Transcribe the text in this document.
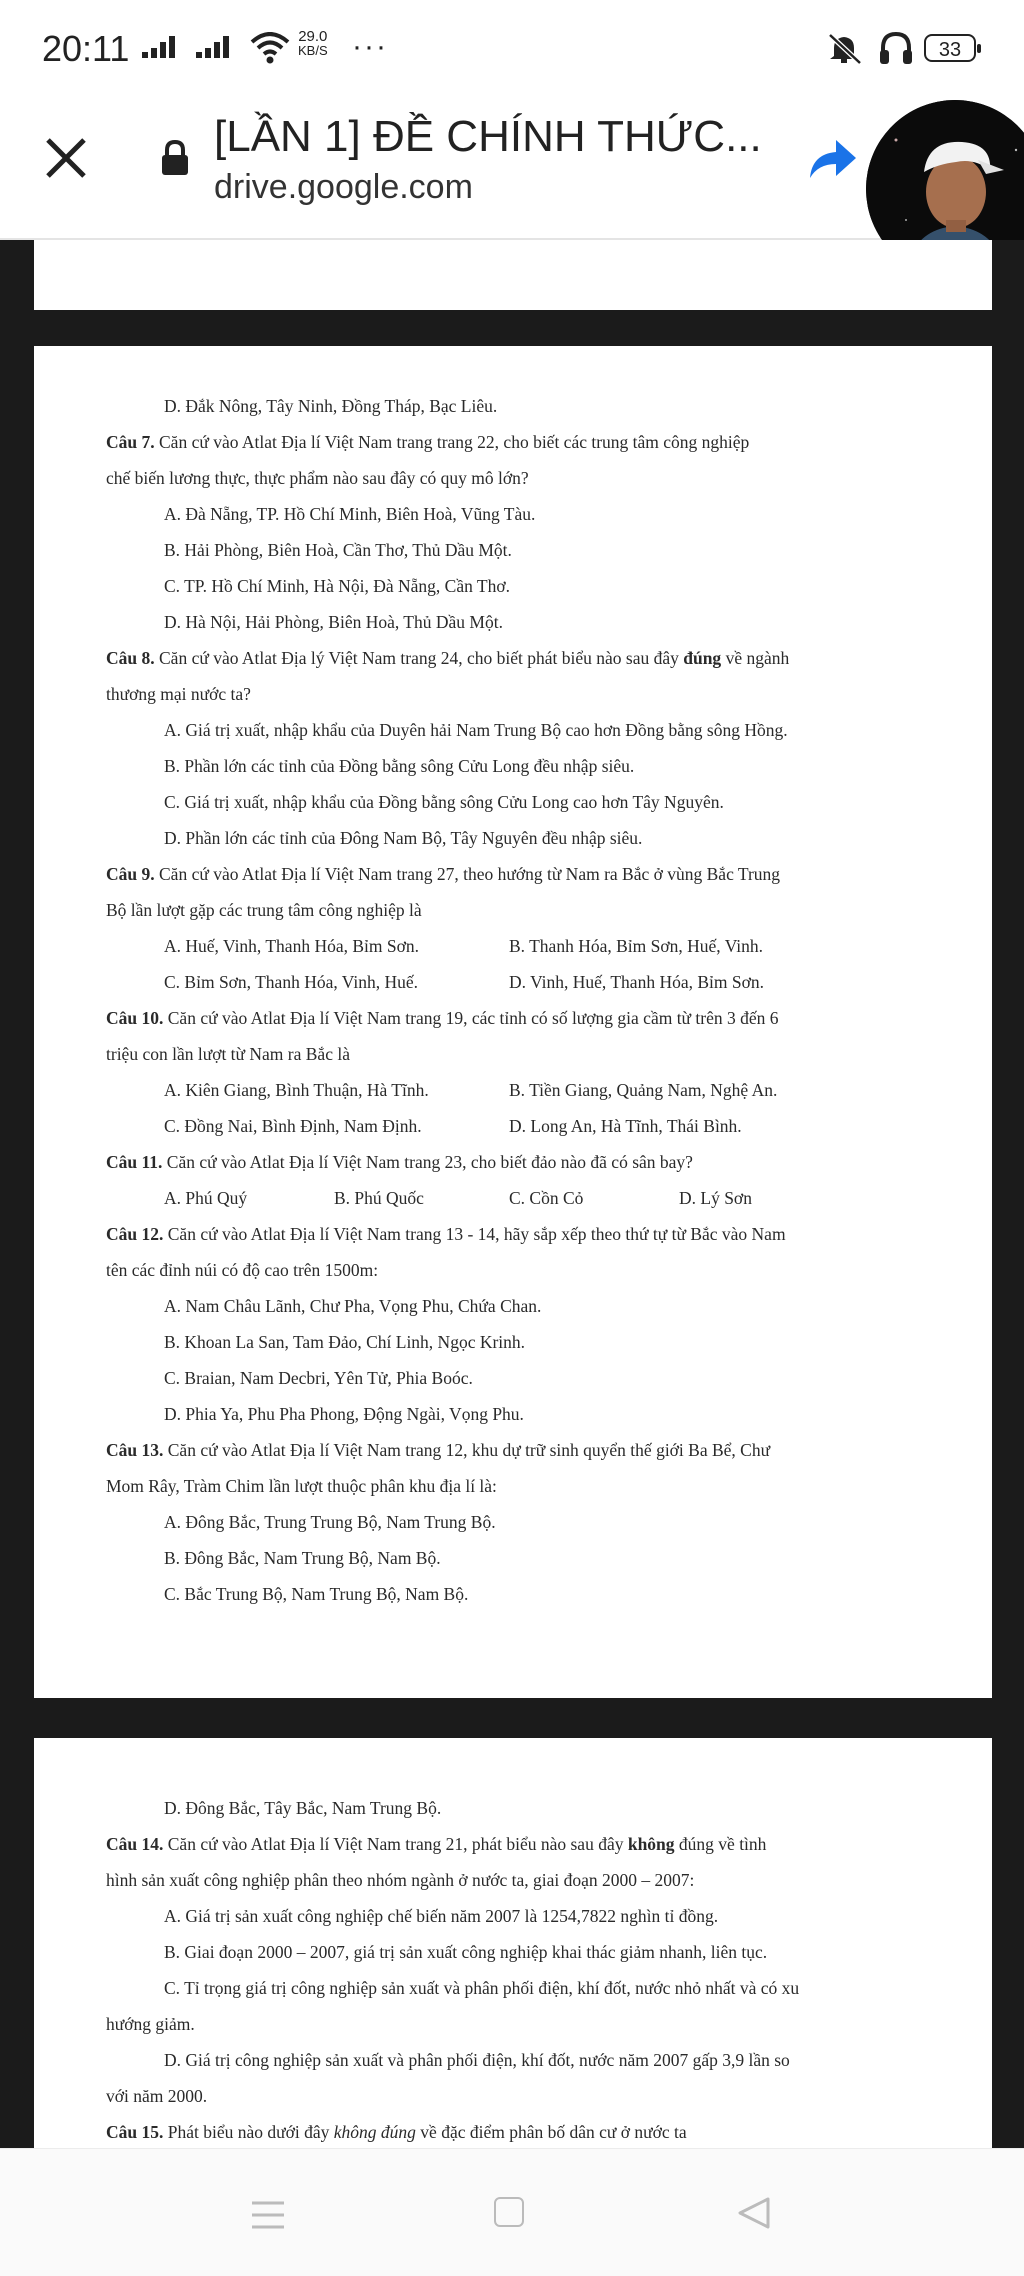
20:11	29.0
KB/S ···	33
[LẦN 1] ĐỀ CHÍNH THỨC...
drive.google.com
D. Đắk Nông, Tây Ninh, Đồng Tháp, Bạc Liêu.
Câu 7. Căn cứ vào Atlat Địa lí Việt Nam trang trang 22, cho biết các trung tâm công nghiệp
chế biến lương thực, thực phẩm nào sau đây có quy mô lớn?
A. Đà Nẵng, TP. Hồ Chí Minh, Biên Hoà, Vũng Tàu.
B. Hải Phòng, Biên Hoà, Cần Thơ, Thủ Dầu Một.
C. TP. Hồ Chí Minh, Hà Nội, Đà Nẵng, Cần Thơ.
D. Hà Nội, Hải Phòng, Biên Hoà, Thủ Dầu Một.
Câu 8. Căn cứ vào Atlat Địa lý Việt Nam trang 24, cho biết phát biểu nào sau đây đúng về ngành
thương mại nước ta?
A. Giá trị xuất, nhập khẩu của Duyên hải Nam Trung Bộ cao hơn Đồng bằng sông Hồng.
B. Phần lớn các tỉnh của Đồng bằng sông Cửu Long đều nhập siêu.
C. Giá trị xuất, nhập khẩu của Đồng bằng sông Cửu Long cao hơn Tây Nguyên.
D. Phần lớn các tỉnh của Đông Nam Bộ, Tây Nguyên đều nhập siêu.
Câu 9. Căn cứ vào Atlat Địa lí Việt Nam trang 27, theo hướng từ Nam ra Bắc ở vùng Bắc Trung
Bộ lần lượt gặp các trung tâm công nghiệp là
A. Huế, Vinh, Thanh Hóa, Bỉm Sơn.	B. Thanh Hóa, Bỉm Sơn, Huế, Vinh.
C. Bỉm Sơn, Thanh Hóa, Vinh, Huế.	D. Vinh, Huế, Thanh Hóa, Bỉm Sơn.
Câu 10. Căn cứ vào Atlat Địa lí Việt Nam trang 19, các tỉnh có số lượng gia cầm từ trên 3 đến 6
triệu con lần lượt từ Nam ra Bắc là
A. Kiên Giang, Bình Thuận, Hà Tĩnh.	B. Tiền Giang, Quảng Nam, Nghệ An.
C. Đồng Nai, Bình Định, Nam Định.	D. Long An, Hà Tĩnh, Thái Bình.
Câu 11. Căn cứ vào Atlat Địa lí Việt Nam trang 23, cho biết đảo nào đã có sân bay?
A. Phú Quý	B. Phú Quốc	C. Cồn Cỏ	D. Lý Sơn
Câu 12. Căn cứ vào Atlat Địa lí Việt Nam trang 13 - 14, hãy sắp xếp theo thứ tự từ Bắc vào Nam
tên các đỉnh núi có độ cao trên 1500m:
A. Nam Châu Lãnh, Chư Pha, Vọng Phu, Chứa Chan.
B. Khoan La San, Tam Đảo, Chí Linh, Ngọc Krinh.
C. Braian, Nam Decbri, Yên Tử, Phia Boóc.
D. Phia Ya, Phu Pha Phong, Động Ngài, Vọng Phu.
Câu 13. Căn cứ vào Atlat Địa lí Việt Nam trang 12, khu dự trữ sinh quyển thế giới Ba Bể, Chư
Mom Rây, Tràm Chim lần lượt thuộc phân khu địa lí là:
A. Đông Bắc, Trung Trung Bộ, Nam Trung Bộ.
B. Đông Bắc, Nam Trung Bộ, Nam Bộ.
C. Bắc Trung Bộ, Nam Trung Bộ, Nam Bộ.
D. Đông Bắc, Tây Bắc, Nam Trung Bộ.
Câu 14. Căn cứ vào Atlat Địa lí Việt Nam trang 21, phát biểu nào sau đây không đúng về tình
hình sản xuất công nghiệp phân theo nhóm ngành ở nước ta, giai đoạn 2000 – 2007:
A. Giá trị sản xuất công nghiệp chế biến năm 2007 là 1254,7822 nghìn tỉ đồng.
B. Giai đoạn 2000 – 2007, giá trị sản xuất công nghiệp khai thác giảm nhanh, liên tục.
C. Tỉ trọng giá trị công nghiệp sản xuất và phân phối điện, khí đốt, nước nhỏ nhất và có xu
hướng giảm.
D. Giá trị công nghiệp sản xuất và phân phối điện, khí đốt, nước năm 2007 gấp 3,9 lần so
với năm 2000.
Câu 15. Phát biểu nào dưới đây không đúng về đặc điểm phân bố dân cư ở nước ta
